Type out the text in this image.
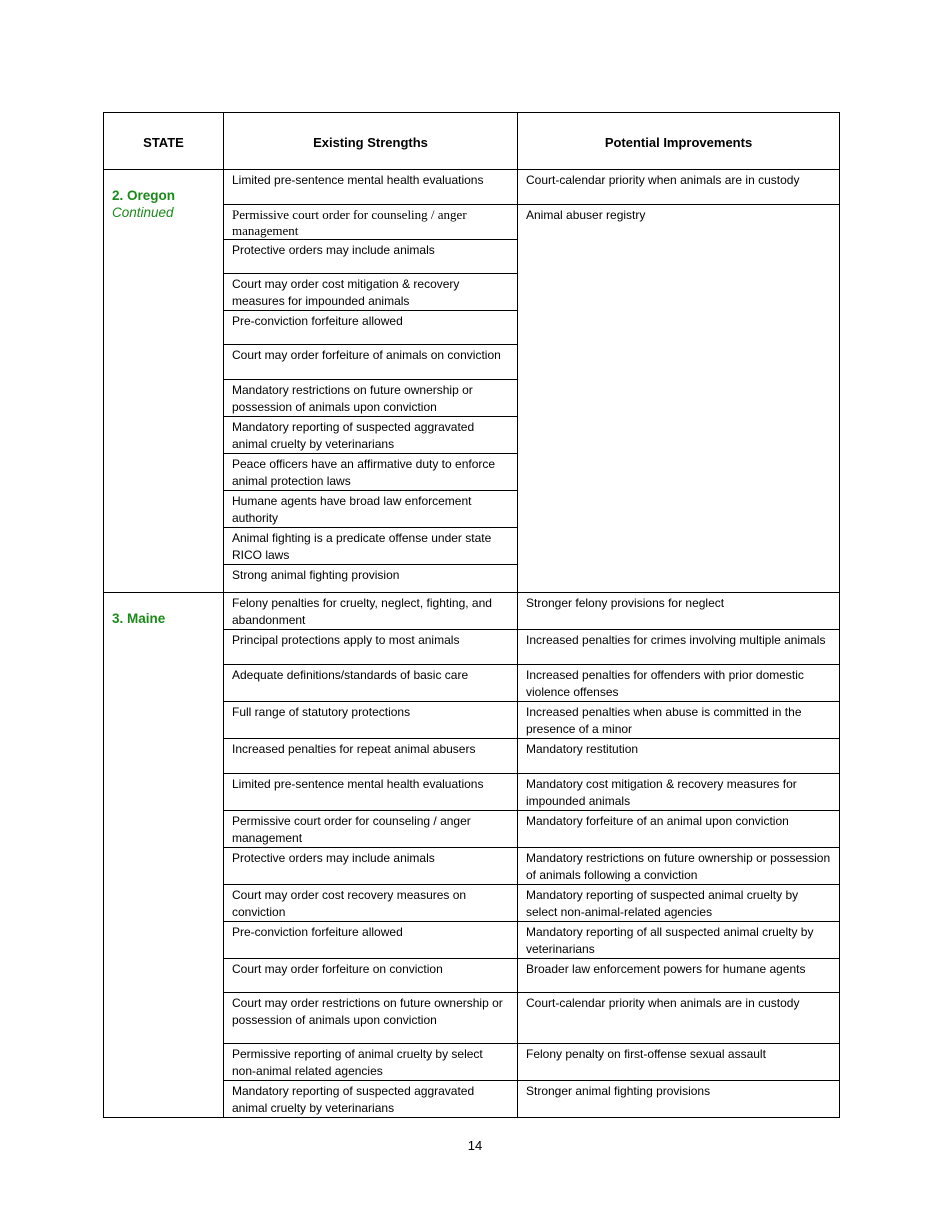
STATE	Existing Strengths	Potential Improvements
2. Oregon
Continued	Limited pre-sentence mental health evaluations	Court-calendar priority when animals are in custody
	Permissive court order for counseling / anger management	Animal abuser registry
	Protective orders may include animals	
	Court may order cost mitigation & recovery measures for impounded animals	
	Pre-conviction forfeiture allowed	
	Court may order forfeiture of animals on conviction	
	Mandatory restrictions on future ownership or possession of animals upon conviction	
	Mandatory reporting of suspected aggravated animal cruelty by veterinarians	
	Peace officers have an affirmative duty to enforce animal protection laws	
	Humane agents have broad law enforcement authority	
	Animal fighting is a predicate offense under state RICO laws	
	Strong animal fighting provision	
3. Maine	Felony penalties for cruelty, neglect, fighting, and abandonment	Stronger felony provisions for neglect
	Principal protections apply to most animals	Increased penalties for crimes involving multiple animals
	Adequate definitions/standards of basic care	Increased penalties for offenders with prior domestic violence offenses
	Full range of statutory protections	Increased penalties when abuse is committed in the presence of a minor
	Increased penalties for repeat animal abusers	Mandatory restitution
	Limited pre-sentence mental health evaluations	Mandatory cost mitigation & recovery measures for impounded animals
	Permissive court order for counseling / anger management	Mandatory forfeiture of an animal upon conviction
	Protective orders may include animals	Mandatory restrictions on future ownership or possession of animals following a conviction
	Court may order cost recovery measures on conviction	Mandatory reporting of suspected animal cruelty by select non-animal-related agencies
	Pre-conviction forfeiture allowed	Mandatory reporting of all suspected animal cruelty by veterinarians
	Court may order forfeiture on conviction	Broader law enforcement powers for humane agents
	Court may order restrictions on future ownership or possession of animals upon conviction	Court-calendar priority when animals are in custody
	Permissive reporting of animal cruelty by select non-animal related agencies	Felony penalty on first-offense sexual assault
	Mandatory reporting of suspected aggravated animal cruelty by veterinarians	Stronger animal fighting provisions
14
